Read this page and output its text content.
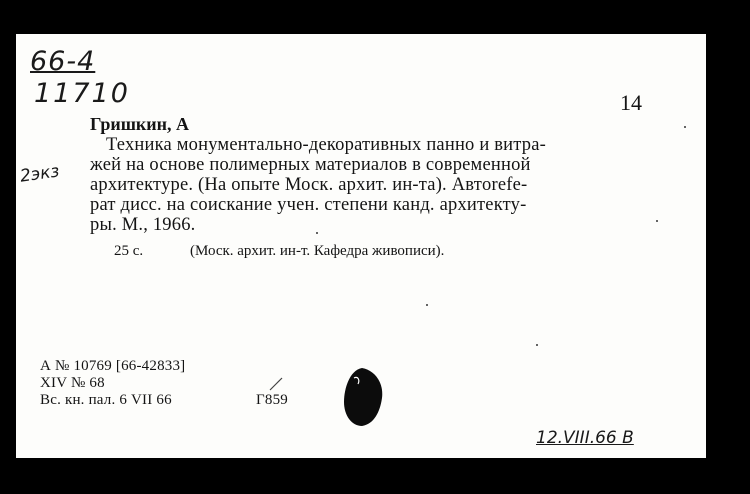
66-4
11710	14
Гришкин, А
Техника монументально-декоративных панно и витра-
жей на основе полимерных материалов в современной
архитектуре. (На опыте Моск. архит. ин-та). Автorefe-
рат дисс. на соискание учен. степени канд. архитекту-
ры. М., 1966.
25 с.	(Моск. архит. ин-т. Кафедра живописи).
А № 10769 [66-42833]
XIV № 68
Вс. кн. пал. 6 VII 66	Г859
2экз
12.VIII.66 B
